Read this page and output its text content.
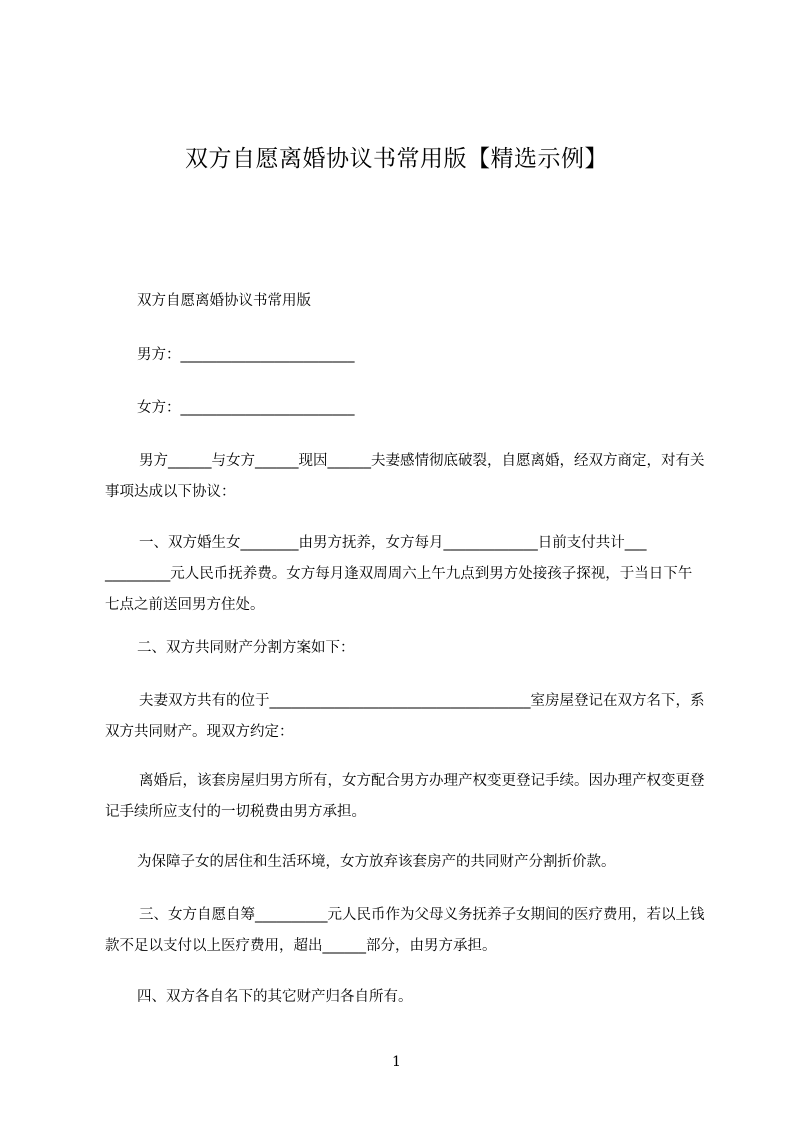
双方自愿离婚协议书常用版【精选示例】

双方自愿离婚协议书常用版

男方：________________________

女方：________________________

男方______与女方______现因______夫妻感情彻底破裂，自愿离婚，经双方商定，对有关事项达成以下协议：

一、双方婚生女________由男方抚养，女方每月_____________日前支付共计___ _________元人民币抚养费。女方每月逢双周周六上午九点到男方处接孩子探视，于当日下午七点之前送回男方住处。

二、双方共同财产分割方案如下：

夫妻双方共有的位于____________________________________室房屋登记在双方名下，系双方共同财产。现双方约定：

离婚后，该套房屋归男方所有，女方配合男方办理产权变更登记手续。因办理产权变更登记手续所应支付的一切税费由男方承担。

为保障子女的居住和生活环境，女方放弃该套房产的共同财产分割折价款。

三、女方自愿自筹__________元人民币作为父母义务抚养子女期间的医疗费用，若以上钱款不足以支付以上医疗费用，超出______部分，由男方承担。

四、双方各自名下的其它财产归各自所有。

1
